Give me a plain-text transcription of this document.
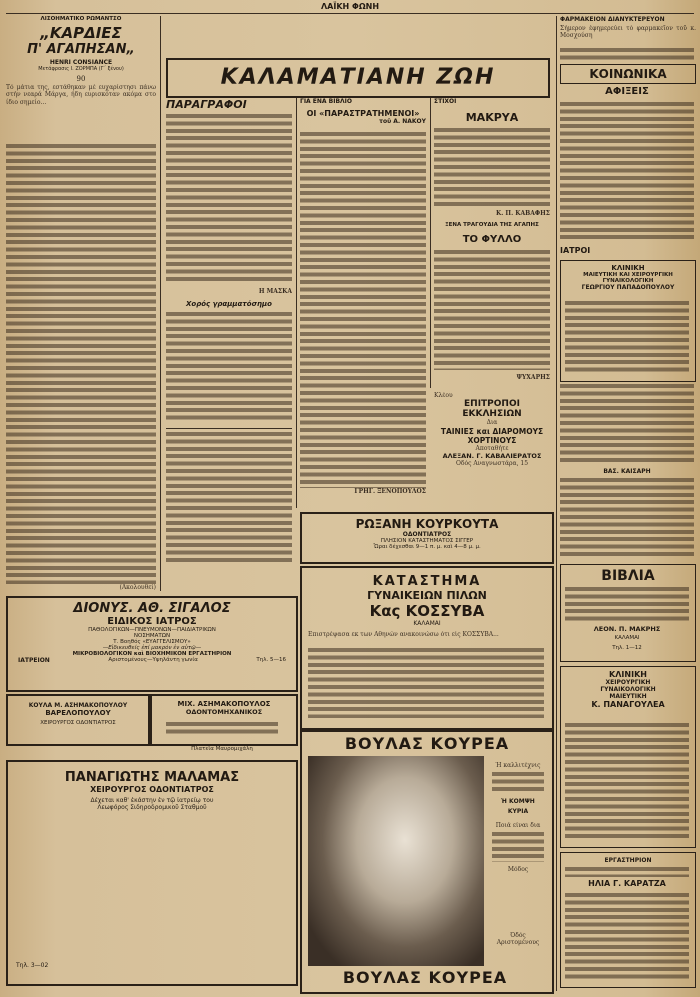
ΛΑΪΚΗ ΦΩΝΗ
ΛΙΣΟΗΜΑΤΙΚΟ ΡΩΜΑΝΤΣΟ
„ΚΑΡΔΙΕΣ
Π' ΑΓΑΠΗΣΑΝ„
HENRI CONSIANCE
Μετάφρασις Ι. ΖΟΡΜΠΑ (Γ΄ ξένου)
90
Τό μάτια της, εστάθηκαν μέ ευχαρίστησι πάνω στήν νεαρά Μάργα, ήδη ευρισκόταν ακόμα στο ίδιο σημείο...
(Ακολουθεί)
ΚΑΛΑΜΑΤΙΑΝΗ ΖΩΗ
ΠΑΡΑΓΡΑΦΟΙ
Η ΜΑΣΚΑ
Χορός γραμματόσημο
ΓΙΑ ΕΝΑ ΒΙΒΛΙΟ
ΟΙ «ΠΑΡΑΣΤΡΑΤΗΜΕΝΟΙ»
τοῦ Α. ΝΑΚΟΥ
ΓΡΗΓ. ΞΕΝΟΠΟΥΛΟΣ
ΣΤΙΧΟΙ
ΜΑΚΡΥΑ
Κ. Π. ΚΑΒΑΦΗΣ
ΞΕΝΑ ΤΡΑΓΟΥΔΙΑ ΤΗΣ ΑΓΑΠΗΣ
ΤΟ ΦΥΛΛΟ
ΨΥΧΑΡΗΣ
Κλέου
ΕΠΙΤΡΟΠΟΙ ΕΚΚΛΗΣΙΩΝ
Δια
ΤΑΙΝΙΕΣ και ΔΙΑΡΟΜΟΥΣ
ΧΟΡΤΙΝΟΥΣ
Αποταθήτε
ΑΛΕΞΑΝ. Γ. ΚΑΒΑΛΙΕΡΑΤΟΣ
Οδός Αναγνωστάρα, 15
ΡΩΞΑΝΗ ΚΟΥΡΚΟΥΤΑ
ΟΔΟΝΤΙΑΤΡΟΣ
ΠΛΗΣΙΟΝ ΚΑΤΑΣΤΗΜΑΤΟΣ ΣΙΓΓΕΡ
Ὧραι δέχεσθαι 9—1 π. μ. καὶ 4—8 μ. μ.
ΚΑΤΑΣΤΗΜΑ
ΓΥΝΑΙΚΕΙΩΝ ΠΙΛΩΝ
Κας ΚΟΣΣΥΒΑ
ΚΑΛΑΜΑΙ
Επιστρέψασα εκ των Αθηνών ανακοινώσω ότι εἰς ΚΟΣΣΥΒΑ...
ΒΟΥΛΑΣ ΚΟΥΡΕΑ
Ἡ καλλιτέχνις
Ἡ ΚΟΜΨΗ
ΚΥΡΙΑ
Ποιά είναι δια
Μόδος
Όδός Αριστομένους
ΒΟΥΛΑΣ ΚΟΥΡΕΑ
ΔΙΟΝΥΣ. ΑΘ. ΣΙΓΑΛΟΣ
ΕΙΔΙΚΟΣ ΙΑΤΡΟΣ
ΠΑΘΟΛΟΓΙΚΩΝ—ΠΝΕΥΜΟΝΩΝ—ΠΑΙΔΙΑΤΡΙΚΩΝ
ΝΟΣΗΜΑΤΩΝ
Τ. Βοηθός «ΕΥΑΓΓΕΛΙΣΜΟΥ»
—Εἰδικευθείς ἐπί μακρόν ἐν αὐτῷ—
ΜΙΚΡΟΒΙΟΛΟΓΙΚΟΝ καὶ ΒΙΟΧΗΜΙΚΟΝ ΕΡΓΑΣΤΗΡΙΟΝ
ΙΑΤΡΕΙΟΝ	Αριστομένους—Υψηλάντη γωνία	Τηλ. 5—16
ΚΟΥΛΑ Μ. ΑΣΗΜΑΚΟΠΟΥΛΟΥ
ΒΑΡΕΛΟΠΟΥΛΟΥ
ΧΕΙΡΟΥΡΓΟΣ ΟΔΟΝΤΙΑΤΡΟΣ
ΜΙΧ. ΑΣΗΜΑΚΟΠΟΥΛΟΣ
ΟΔΟΝΤΟΜΗΧΑΝΙΚΟΣ
Πλατεῖα Μαυρομιχάλη
ΠΑΝΑΓΙΩΤΗΣ ΜΑΛΑΜΑΣ
ΧΕΙΡΟΥΡΓΟΣ ΟΔΟΝΤΙΑΤΡΟΣ
Δέχεται καθ' ἑκάστην ἐν τῷ ἰατρείῳ του
Λεωφόρος Σιδηροδρομικοῦ Σταθμοῦ
Τηλ. 3—02
ΦΑΡΜΑΚΕΙΟΝ ΔΙΑΝΥΚΤΕΡΕΥΟΝ
Σήμερον ἐφημερεύει τὸ φαρμακεῖον τοῦ κ. Μοσχούση
ΚΟΙΝΩΝΙΚΑ
ΑΦΙΞΕΙΣ
ΙΑΤΡΟΙ
ΚΛΙΝΙΚΗ
ΜΑΙΕΥΤΙΚΗ ΚΑΙ ΧΕΙΡΟΥΡΓΙΚΗ
ΓΥΝΑΙΚΟΛΟΓΙΚΗ
ΓΕΩΡΓΙΟΥ ΠΑΠΑΔΟΠΟΥΛΟΥ
ΒΑΣ. ΚΑΙΣΑΡΗ
ΒΙΒΛΙΑ
ΛΕΟΝ. Π. ΜΑΚΡΗΣ
ΚΑΛΑΜΑΙ
Τηλ. 1—12
ΚΛΙΝΙΚΗ
ΧΕΙΡΟΥΡΓΙΚΗ
ΓΥΝΑΙΚΟΛΟΓΙΚΗ
ΜΑΙΕΥΤΙΚΗ
Κ. ΠΑΝΑΓΟΥΛΕΑ
ΕΡΓΑΣΤΗΡΙΟΝ
ΗΛΙΑ Γ. ΚΑΡΑΤΖΑ
